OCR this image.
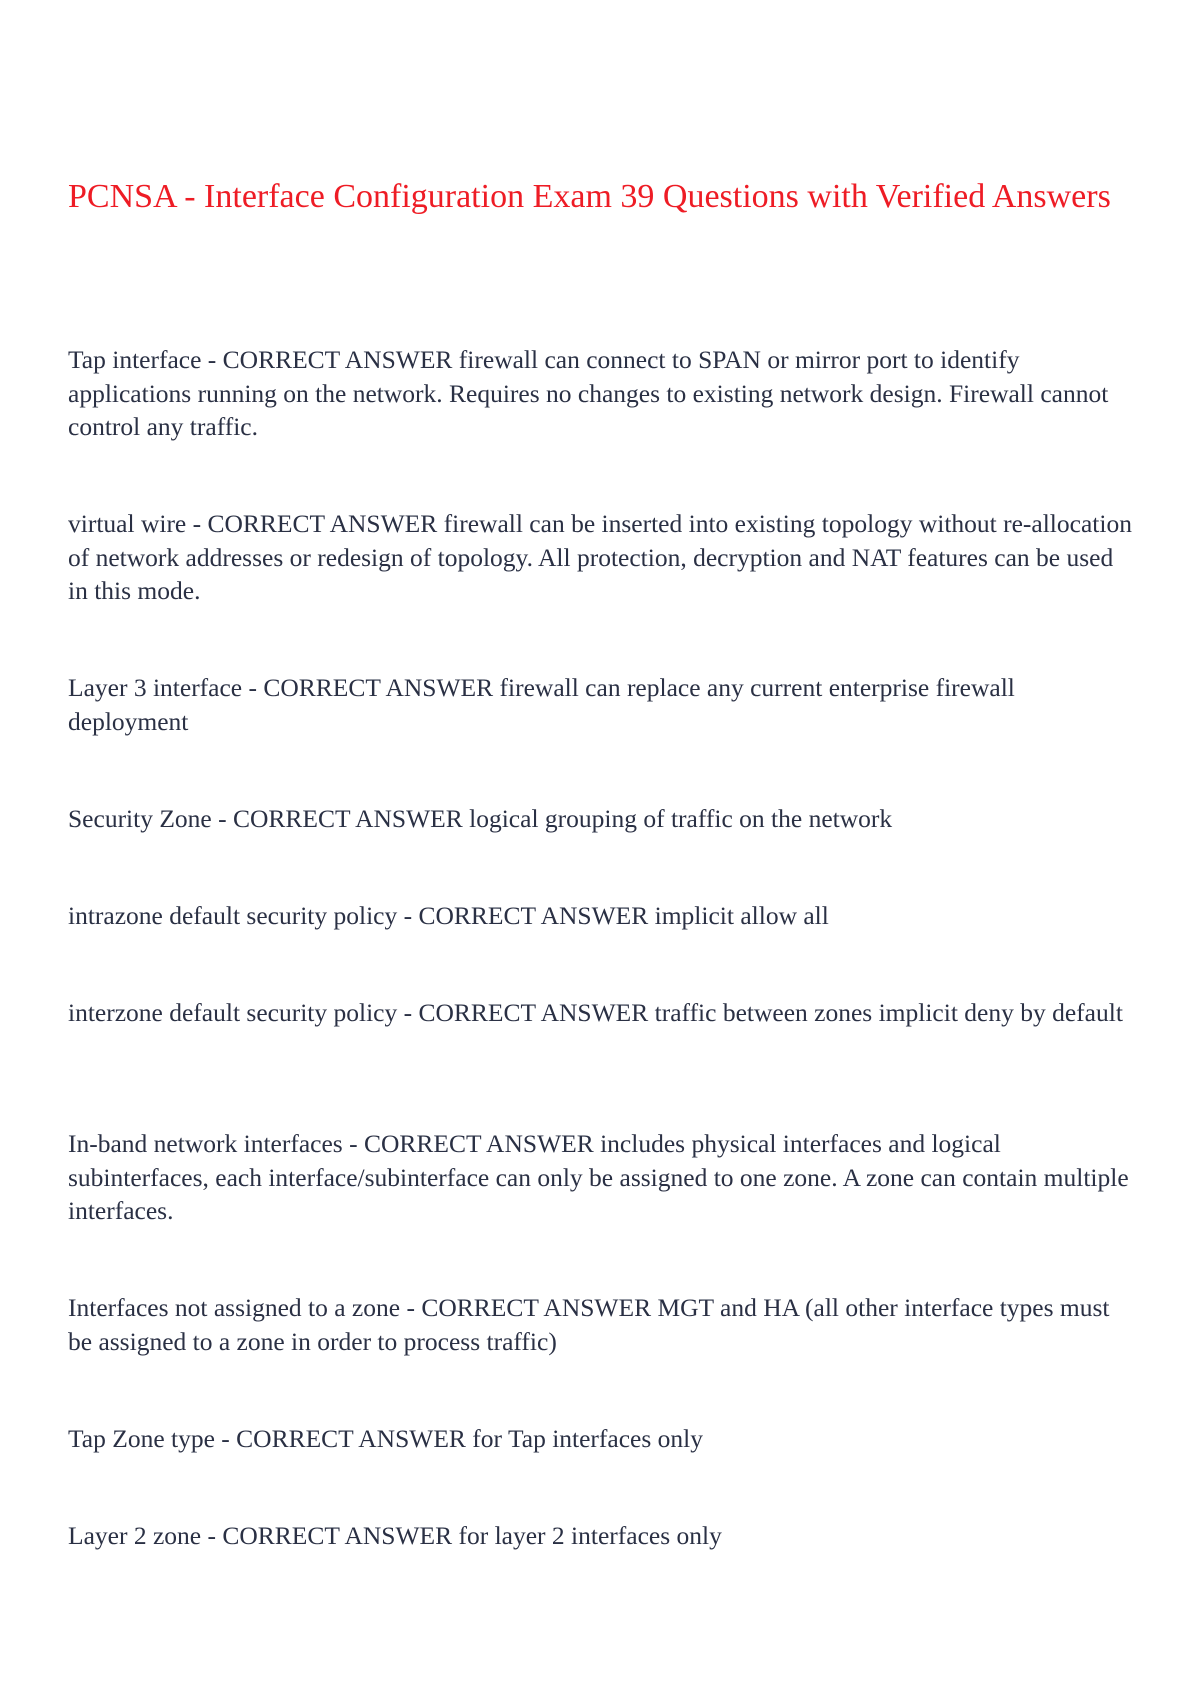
PCNSA - Interface Configuration Exam 39 Questions with Verified Answers

Tap interface - CORRECT ANSWER firewall can connect to SPAN or mirror port to identify applications running on the network. Requires no changes to existing network design. Firewall cannot control any traffic.

virtual wire - CORRECT ANSWER firewall can be inserted into existing topology without re-allocation of network addresses or redesign of topology. All protection, decryption and NAT features can be used in this mode.

Layer 3 interface - CORRECT ANSWER firewall can replace any current enterprise firewall deployment

Security Zone - CORRECT ANSWER logical grouping of traffic on the network

intrazone default security policy - CORRECT ANSWER implicit allow all

interzone default security policy - CORRECT ANSWER traffic between zones implicit deny by default

In-band network interfaces - CORRECT ANSWER includes physical interfaces and logical subinterfaces, each interface/subinterface can only be assigned to one zone. A zone can contain multiple interfaces.

Interfaces not assigned to a zone - CORRECT ANSWER MGT and HA (all other interface types must be assigned to a zone in order to process traffic)

Tap Zone type - CORRECT ANSWER for Tap interfaces only

Layer 2 zone - CORRECT ANSWER for layer 2 interfaces only
